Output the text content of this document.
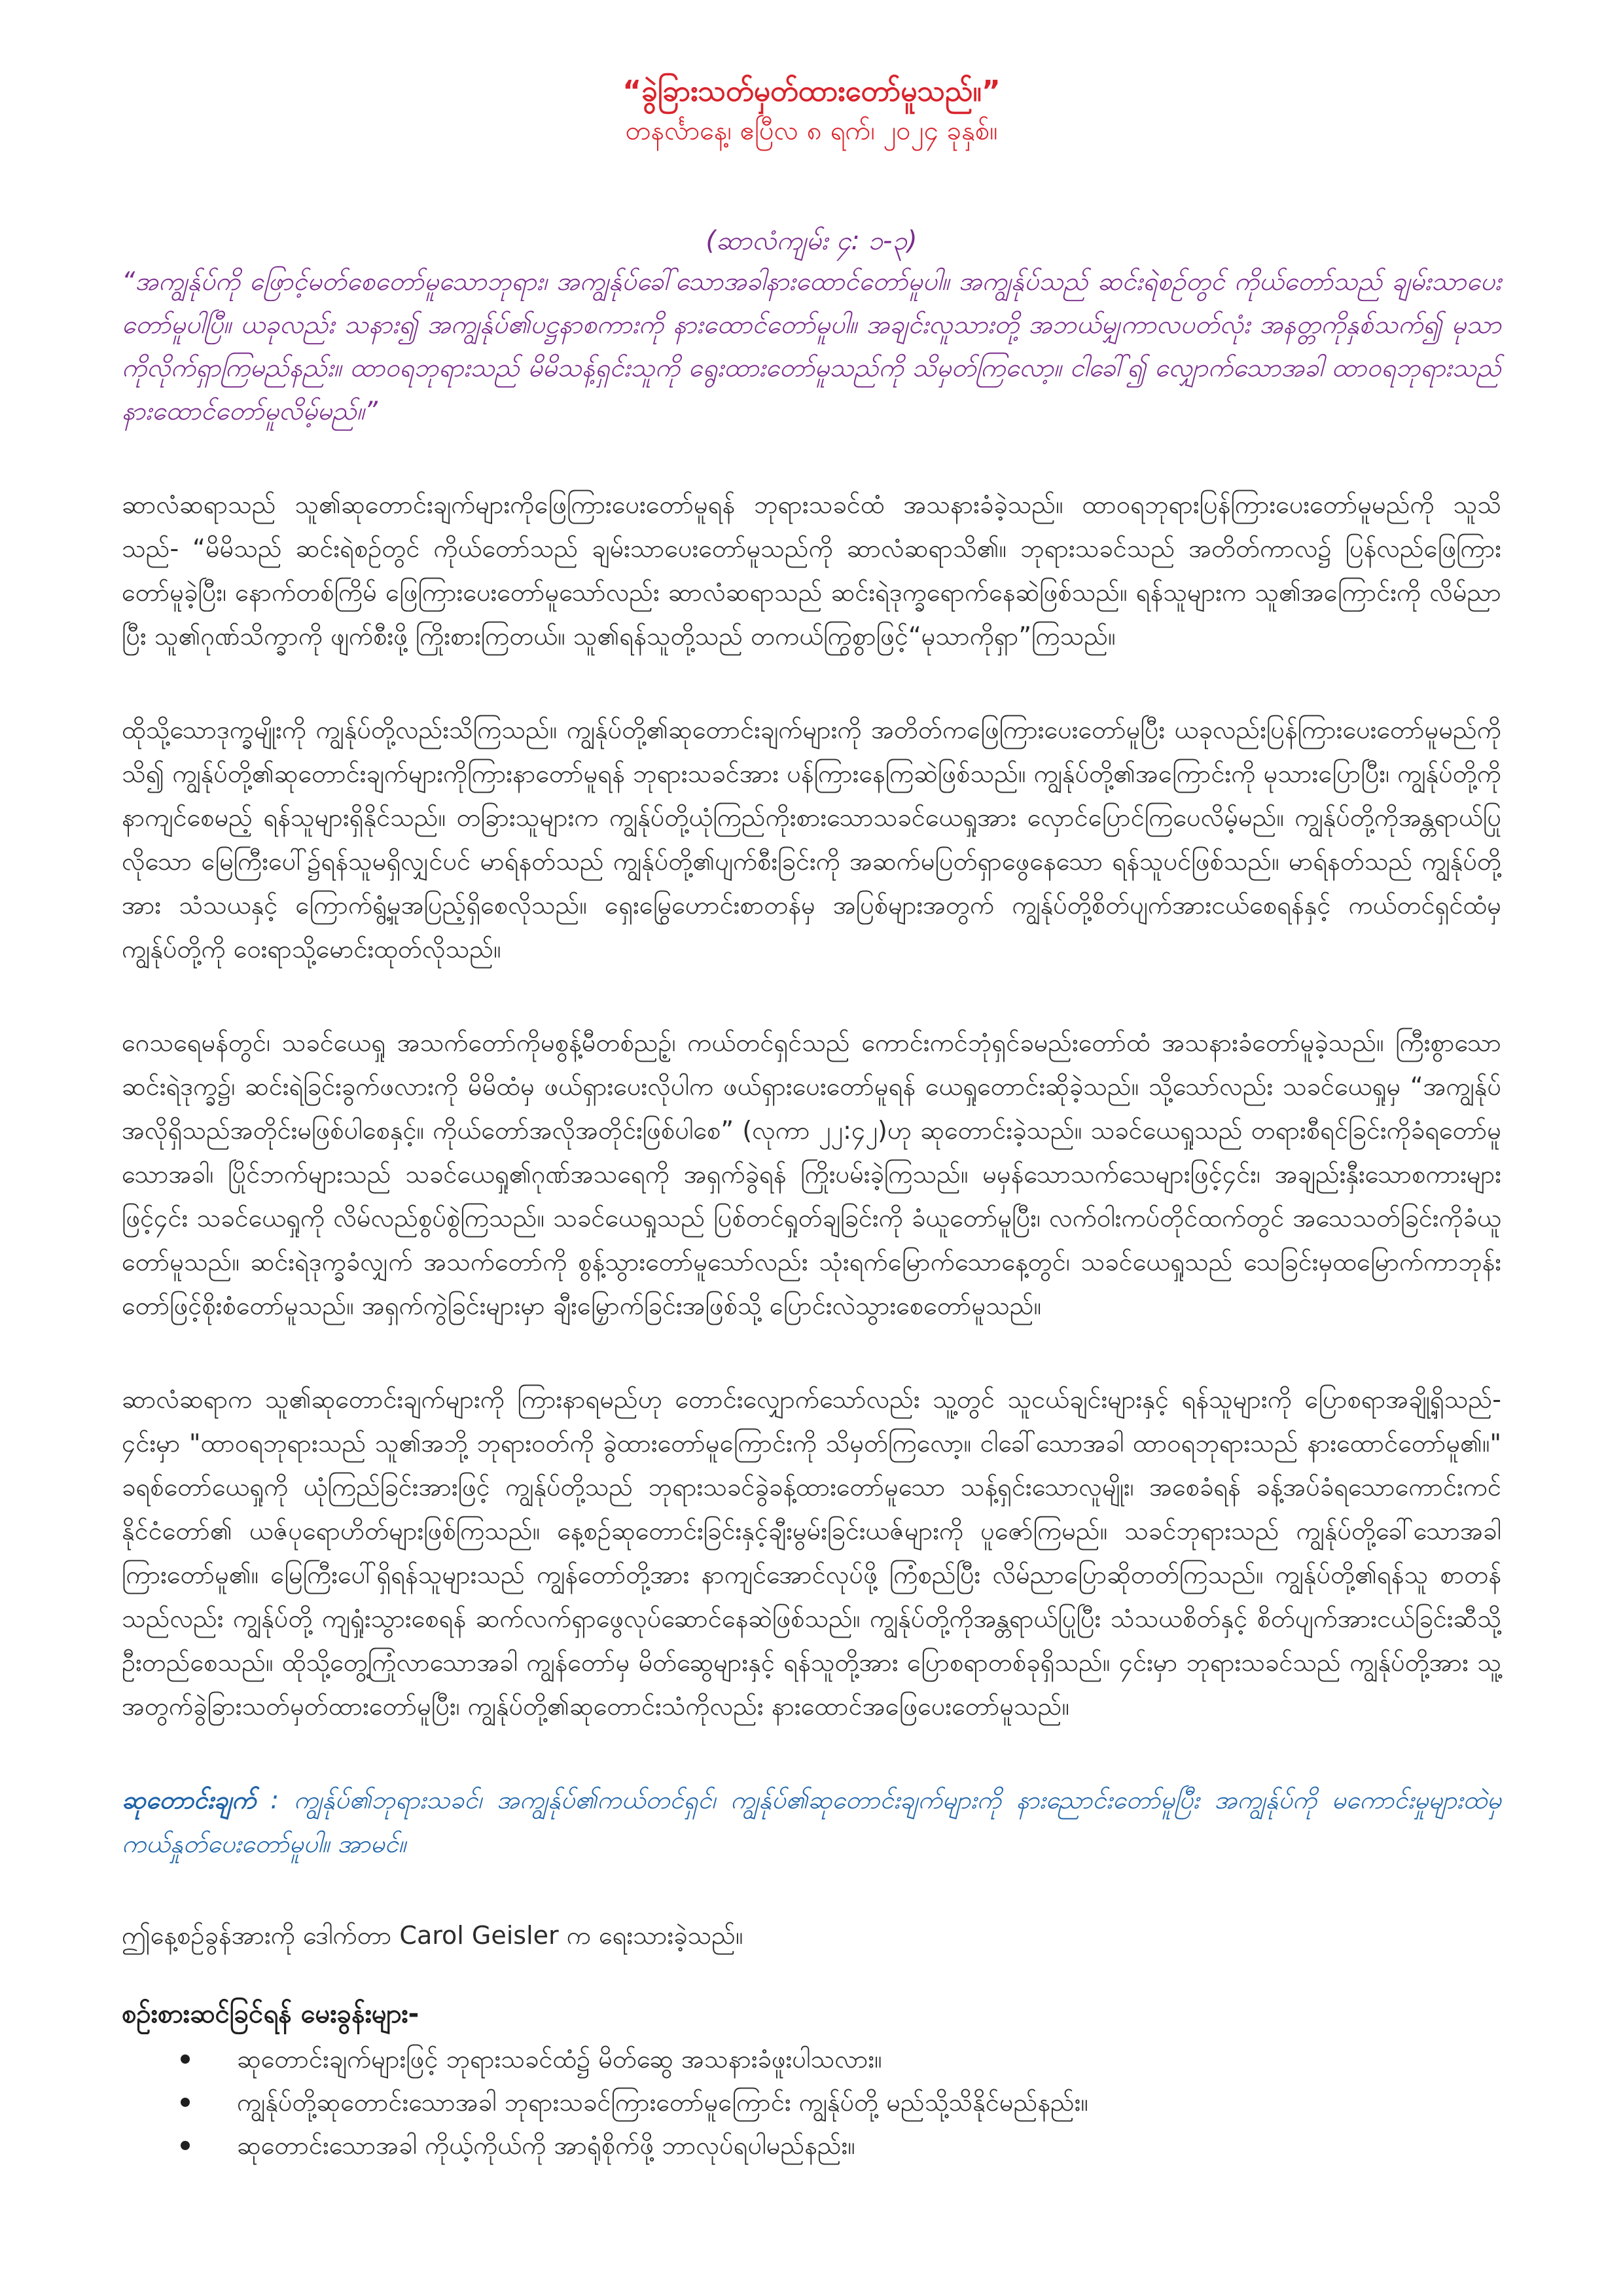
“ခွဲခြားသတ်မှတ်ထားတော်မူသည်။”

တနင်္လာနေ့၊ ဧပြီလ ၈ ရက်၊ ၂၀၂၄ ခုနှစ်။

(ဆာလံကျမ်း ၄: ၁-၃)

“အကျွန်ုပ်ကို ဖြောင့်မတ်စေတော်မူသောဘုရား၊ အကျွန်ုပ်ခေါ်သောအခါနားထောင်တော်မူပါ။ အကျွန်ုပ်သည် ဆင်းရဲစဉ်တွင် ကိုယ်တော်သည် ချမ်းသာပေးတော်မူပါပြီ။ ယခုလည်း သနား၍ အကျွန်ုပ်၏ပဋ္ဌနာစကားကို နားထောင်တော်မူပါ။ အချင်းလူသားတို့ အဘယ်မျှကာလပတ်လုံး အနတ္တကိုနှစ်သက်၍ မုသာကိုလိုက်ရှာကြမည်နည်း။ ထာဝရဘုရားသည် မိမိသန့်ရှင်းသူကို ရွေးထားတော်မူသည်ကို သိမှတ်ကြလော့။ ငါခေါ်၍ လျှောက်သောအခါ ထာဝရဘုရားသည် နားထောင်တော်မူလိမ့်မည်။”

ဆာလံဆရာသည် သူ၏ဆုတောင်းချက်များကိုဖြေကြားပေးတော်မူရန် ဘုရားသခင်ထံ အသနားခံခဲ့သည်။ ထာဝရဘုရားပြန်ကြားပေးတော်မူမည်ကို သူသိသည်- “မိမိသည် ဆင်းရဲစဉ်တွင် ကိုယ်တော်သည် ချမ်းသာပေးတော်မူသည်ကို ဆာလံဆရာသိ၏။ ဘုရားသခင်သည် အတိတ်ကာလ၌ ပြန်လည်ဖြေကြားတော်မူခဲ့ပြီး၊ နောက်တစ်ကြိမ် ဖြေကြားပေးတော်မူသော်လည်း ဆာလံဆရာသည် ဆင်းရဲဒုက္ခရောက်နေဆဲဖြစ်သည်။ ရန်သူများက သူ၏အကြောင်းကို လိမ်ညာပြီး သူ၏ဂုဏ်သိက္ခာကို ဖျက်စီးဖို့ ကြိုးစားကြတယ်။ သူ၏ရန်သူတို့သည် တကယ်ကြွစွာဖြင့်“မုသာကိုရှာ”ကြသည်။

ထိုသို့သောဒုက္ခမျိုးကို ကျွန်ုပ်တို့လည်းသိကြသည်။ ကျွန်ုပ်တို့၏ဆုတောင်းချက်များကို အတိတ်ကဖြေကြားပေးတော်မူပြီး ယခုလည်းပြန်ကြားပေးတော်မူမည်ကိုသိ၍ ကျွန်ုပ်တို့၏ဆုတောင်းချက်များကိုကြားနာတော်မူရန် ဘုရားသခင်အား ပန်ကြားနေကြဆဲဖြစ်သည်။ ကျွန်ုပ်တို့၏အကြောင်းကို မုသားပြောပြီး၊ ကျွန်ုပ်တို့ကိုနာကျင်စေမည့် ရန်သူများရှိနိုင်သည်။ တခြားသူများက ကျွန်ုပ်တို့ယုံကြည်ကိုးစားသောသခင်ယေရှုအား လှောင်ပြောင်ကြပေလိမ့်မည်။ ကျွန်ုပ်တို့ကိုအန္တရာယ်ပြုလိုသော မြေကြီးပေါ်၌ရန်သူမရှိလျှင်ပင် မာရ်နတ်သည် ကျွန်ုပ်တို့၏ပျက်စီးခြင်းကို အဆက်မပြတ်ရှာဖွေနေသော ရန်သူပင်ဖြစ်သည်။ မာရ်နတ်သည် ကျွန်ုပ်တို့အား သံသယနှင့် ကြောက်ရွံ့မှုအပြည့်ရှိစေလိုသည်။ ရှေးမြွေဟောင်းစာတန်မှ အပြစ်များအတွက် ကျွန်ုပ်တို့စိတ်ပျက်အားငယ်စေရန်နှင့် ကယ်တင်ရှင်ထံမှ ကျွန်ုပ်တို့ကို ဝေးရာသို့မောင်းထုတ်လိုသည်။

ဂေသရေမန်တွင်၊ သခင်ယေရှု အသက်တော်ကိုမစွန့်မီတစ်ညဉ့်၊ ကယ်တင်ရှင်သည် ကောင်းကင်ဘုံရှင်ခမည်းတော်ထံ အသနားခံတော်မူခဲ့သည်။ ကြီးစွာသောဆင်းရဲဒုက္ခ၌၊ ဆင်းရဲခြင်းခွက်ဖလားကို မိမိထံမှ ဖယ်ရှားပေးလိုပါက ဖယ်ရှားပေးတော်မူရန် ယေရှုတောင်းဆိုခဲ့သည်။ သို့သော်လည်း သခင်ယေရှုမှ “အကျွန်ုပ်အလိုရှိသည်အတိုင်းမဖြစ်ပါစေနှင့်။ ကိုယ်တော်အလိုအတိုင်းဖြစ်ပါစေ” (လုကာ ၂၂:၄၂)ဟု ဆုတောင်းခဲ့သည်။ သခင်ယေရှုသည် တရားစီရင်ခြင်းကိုခံရတော်မူသောအခါ၊ ပြိုင်ဘက်များသည် သခင်ယေရှု၏ဂုဏ်အသရေကို အရှက်ခွဲရန် ကြိုးပမ်းခဲ့ကြသည်။ မမှန်သောသက်သေများဖြင့်၄င်း၊ အချည်းနှီးသောစကားများဖြင့်၄င်း သခင်ယေရှုကို လိမ်လည်စွပ်စွဲကြသည်။ သခင်ယေရှုသည် ပြစ်တင်ရှုတ်ချခြင်းကို ခံယူတော်မူပြီး၊ လက်ဝါးကပ်တိုင်ထက်တွင် အသေသတ်ခြင်းကိုခံယူတော်မူသည်။ ဆင်းရဲဒုက္ခခံလျှက် အသက်တော်ကို စွန့်သွားတော်မူသော်လည်း သုံးရက်မြောက်သောနေ့တွင်၊ သခင်ယေရှုသည် သေခြင်းမှထမြောက်ကာဘုန်းတော်ဖြင့်စိုးစံတော်မူသည်။ အရှက်ကွဲခြင်းများမှာ ချီးမြှောက်ခြင်းအဖြစ်သို့ ပြောင်းလဲသွားစေတော်မူသည်။

ဆာလံဆရာက သူ၏ဆုတောင်းချက်များကို ကြားနာရမည်ဟု တောင်းလျှောက်သော်လည်း သူ့တွင် သူငယ်ချင်းများနှင့် ရန်သူများကို ပြောစရာအချို့ရှိသည်- ၄င်းမှာ "ထာဝရဘုရားသည် သူ၏အဘို့ ဘုရားဝတ်ကို ခွဲထားတော်မူကြောင်းကို သိမှတ်ကြလော့။ ငါခေါ်သောအခါ ထာဝရဘုရားသည် နားထောင်တော်မူ၏။" ခရစ်တော်ယေရှုကို ယုံကြည်ခြင်းအားဖြင့် ကျွန်ုပ်တို့သည် ဘုရားသခင်ခွဲခန့်ထားတော်မူသော သန့်ရှင်းသောလူမျိုး၊ အစေခံရန် ခန့်အပ်ခံရသောကောင်းကင်နိုင်ငံတော်၏ ယဇ်ပုရောဟိတ်များဖြစ်ကြသည်။ နေ့စဉ်ဆုတောင်းခြင်းနှင့်ချီးမွမ်းခြင်းယဇ်များကို ပူဇော်ကြမည်။ သခင်ဘုရားသည် ကျွန်ုပ်တို့ခေါ်သောအခါ ကြားတော်မူ၏။ မြေကြီးပေါ်ရှိရန်သူများသည် ကျွန်တော်တို့အား နာကျင်အောင်လုပ်ဖို့ ကြံစည်ပြီး လိမ်ညာပြောဆိုတတ်ကြသည်။ ကျွန်ုပ်တို့၏ရန်သူ စာတန်သည်လည်း ကျွန်ုပ်တို့ ကျရှုံးသွားစေရန် ဆက်လက်ရှာဖွေလုပ်ဆောင်နေဆဲဖြစ်သည်။ ကျွန်ုပ်တို့ကိုအန္တရာယ်ပြုပြီး သံသယစိတ်နှင့် စိတ်ပျက်အားငယ်ခြင်းဆီသို့ ဦးတည်စေသည်။ ထိုသို့တွေ့ကြုံလာသောအခါ ကျွန်တော်မှ မိတ်ဆွေများနှင့် ရန်သူတို့အား ပြောစရာတစ်ခုရှိသည်။ ၄င်းမှာ ဘုရားသခင်သည် ကျွန်ုပ်တို့အား သူ့အတွက်ခွဲခြားသတ်မှတ်ထားတော်မူပြီး၊ ကျွန်ုပ်တို့၏ဆုတောင်းသံကိုလည်း နားထောင်အဖြေပေးတော်မူသည်။

ဆုတောင်းချက် : ကျွန်ုပ်၏ဘုရားသခင်၊ အကျွန်ုပ်၏ကယ်တင်ရှင်၊ ကျွန်ုပ်၏ဆုတောင်းချက်များကို နားညောင်းတော်မူပြီး အကျွန်ုပ်ကို မကောင်းမှုများထဲမှ ကယ်နှုတ်ပေးတော်မူပါ။ အာမင်။

ဤနေ့စဉ်ခွန်အားကို ဒေါက်တာ Carol Geisler က ရေးသားခဲ့သည်။

စဉ်းစားဆင်ခြင်ရန် မေးခွန်းများ-

ဆုတောင်းချက်များဖြင့် ဘုရားသခင်ထံ၌ မိတ်ဆွေ အသနားခံဖူးပါသလား။
ကျွန်ုပ်တို့ဆုတောင်းသောအခါ ဘုရားသခင်ကြားတော်မူကြောင်း ကျွန်ုပ်တို့ မည်သို့သိနိုင်မည်နည်း။
ဆုတောင်းသောအခါ ကိုယ့်ကိုယ်ကို အာရုံစိုက်ဖို့ ဘာလုပ်ရပါမည်နည်း။
